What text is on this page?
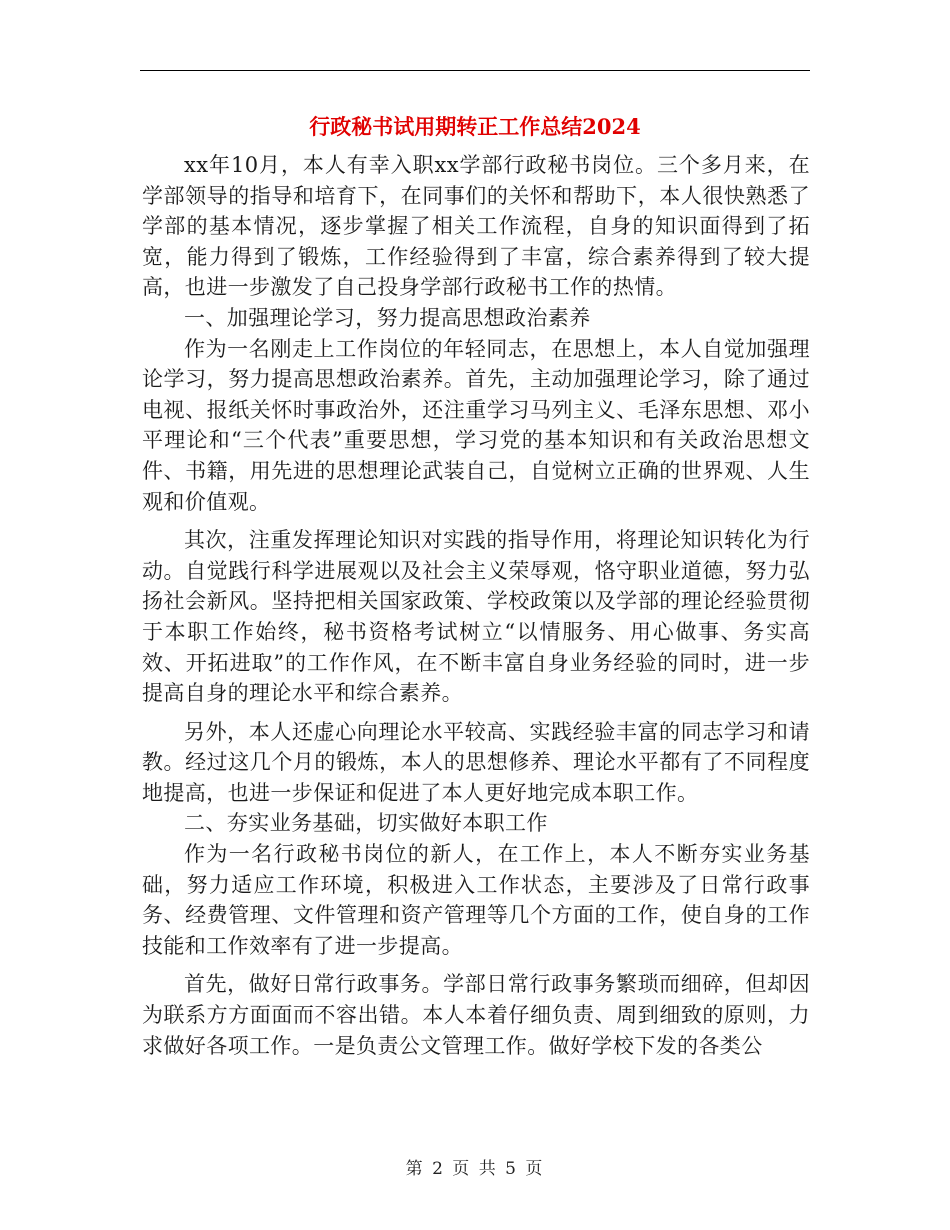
行政秘书试用期转正工作总结2024

xx年10月，本人有幸入职xx学部行政秘书岗位。三个多月来，在学部领导的指导和培育下，在同事们的关怀和帮助下，本人很快熟悉了学部的基本情况，逐步掌握了相关工作流程，自身的知识面得到了拓宽，能力得到了锻炼，工作经验得到了丰富，综合素养得到了较大提高，也进一步激发了自己投身学部行政秘书工作的热情。

一、加强理论学习，努力提高思想政治素养

作为一名刚走上工作岗位的年轻同志，在思想上，本人自觉加强理论学习，努力提高思想政治素养。首先，主动加强理论学习，除了通过电视、报纸关怀时事政治外，还注重学习马列主义、毛泽东思想、邓小平理论和“三个代表”重要思想，学习党的基本知识和有关政治思想文件、书籍，用先进的思想理论武装自己，自觉树立正确的世界观、人生观和价值观。

其次，注重发挥理论知识对实践的指导作用，将理论知识转化为行动。自觉践行科学进展观以及社会主义荣辱观，恪守职业道德，努力弘扬社会新风。坚持把相关国家政策、学校政策以及学部的理论经验贯彻于本职工作始终，秘书资格考试树立“以情服务、用心做事、务实高效、开拓进取”的工作作风，在不断丰富自身业务经验的同时，进一步提高自身的理论水平和综合素养。

另外，本人还虚心向理论水平较高、实践经验丰富的同志学习和请教。经过这几个月的锻炼，本人的思想修养、理论水平都有了不同程度地提高，也进一步保证和促进了本人更好地完成本职工作。

二、夯实业务基础，切实做好本职工作

作为一名行政秘书岗位的新人，在工作上，本人不断夯实业务基础，努力适应工作环境，积极进入工作状态，主要涉及了日常行政事务、经费管理、文件管理和资产管理等几个方面的工作，使自身的工作技能和工作效率有了进一步提高。

首先，做好日常行政事务。学部日常行政事务繁琐而细碎，但却因为联系方方面面而不容出错。本人本着仔细负责、周到细致的原则，力求做好各项工作。一是负责公文管理工作。做好学校下发的各类公

第 2 页 共 5 页
